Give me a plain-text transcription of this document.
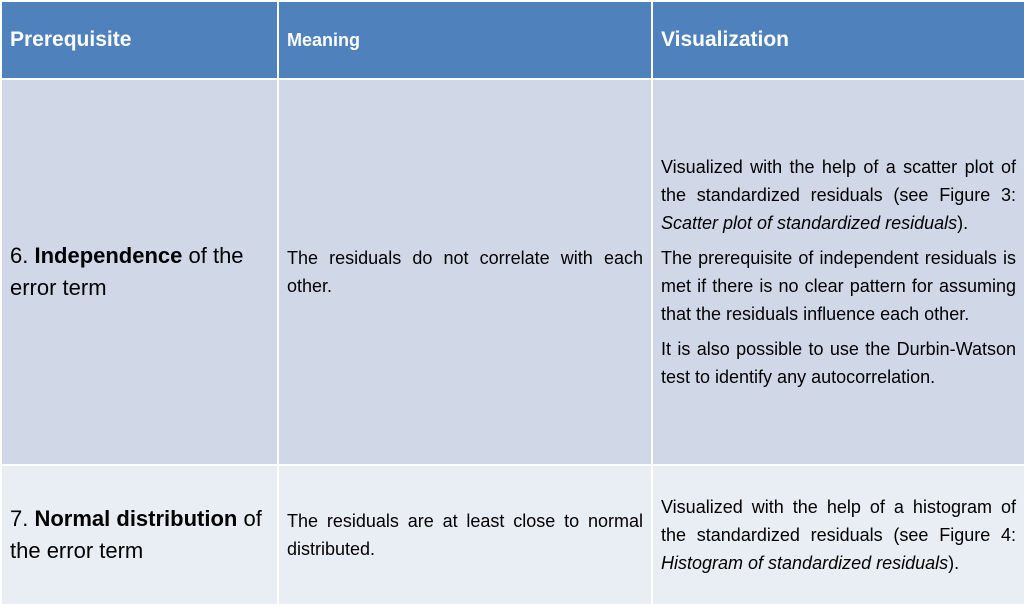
Prerequisite	Meaning	Visualization
6. Independence of the error term	The residuals do not correlate with each other.	Visualized with the help of a scatter plot of the standardized residuals (see Figure 3: Scatter plot of standardized residuals).

The prerequisite of independent residuals is met if there is no clear pattern for assuming that the residuals influence each other.

It is also possible to use the Durbin-Watson test to identify any autocorrelation.

7. Normal distribution of the error term	The residuals are at least close to normal distributed.	Visualized with the help of a histogram of the standardized residuals (see Figure 4: Histogram of standardized residuals).
